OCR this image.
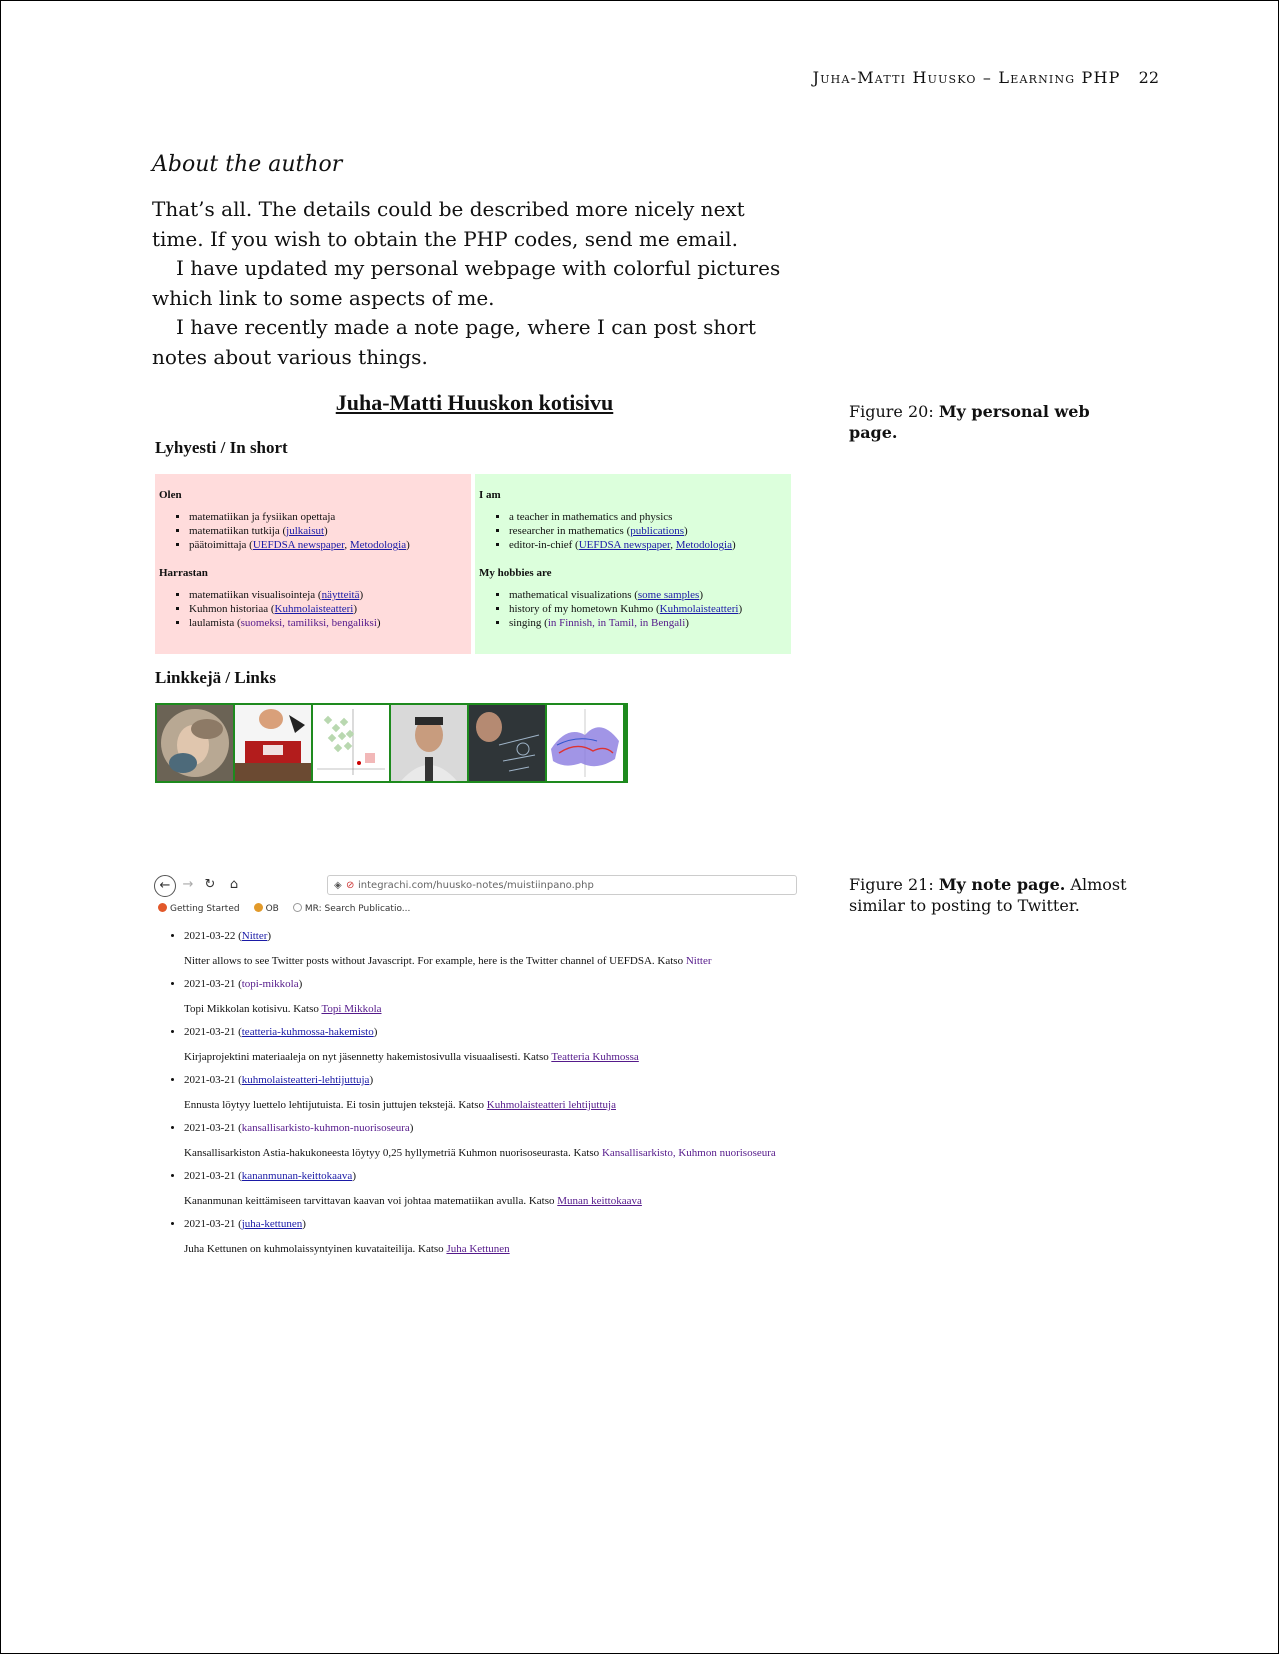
Juha-Matti Huusko – Learning PHP 22
About the author

That’s all. The details could be described more nicely next time. If you wish to obtain the PHP codes, send me email.

I have updated my personal webpage with colorful pictures which link to some aspects of me.

I have recently made a note page, where I can post short notes about various things.

Juha-Matti Huuskon kotisivu
Lyhyesti / In short
Olen
▪ matematiikan ja fysiikan opettaja
▪ matematiikan tutkija (julkaisut)
▪ päätoimittaja (UEFDSA newspaper, Metodologia)
Harrastan
▪ matematiikan visualisointeja (näytteitä)
▪ Kuhmon historiaa (Kuhmolaisteatteri)
▪ laulamista (suomeksi, tamiliksi, bengaliksi)
I am
▪ a teacher in mathematics and physics
▪ researcher in mathematics (publications)
▪ editor-in-chief (UEFDSA newspaper, Metodologia)
My hobbies are
▪ mathematical visualizations (some samples)
▪ history of my hometown Kuhmo (Kuhmolaisteatteri)
▪ singing (in Finnish, in Tamil, in Bengali)
Linkkejä / Links
Figure 20: My personal web page.
← → ↻	⌂	◈ ⊘ integrachi.com/huusko-notes/muistiinpano.php
Getting Started	OB	MR: Search Publicatio...
• 2021-03-22 (Nitter)
Nitter allows to see Twitter posts without Javascript. For example, here is the Twitter channel of UEFDSA. Katso Nitter
• 2021-03-21 (topi-mikkola)
Topi Mikkolan kotisivu. Katso Topi Mikkola
• 2021-03-21 (teatteria-kuhmossa-hakemisto)
Kirjaprojektini materiaaleja on nyt jäsennetty hakemistosivulla visuaalisesti. Katso Teatteria Kuhmossa
• 2021-03-21 (kuhmolaisteatteri-lehtijuttuja)
Ennusta löytyy luettelo lehtijutuista. Ei tosin juttujen tekstejä. Katso Kuhmolaisteatteri lehtijuttuja
• 2021-03-21 (kansallisarkisto-kuhmon-nuorisoseura)
Kansallisarkiston Astia-hakukoneesta löytyy 0,25 hyllymetriä Kuhmon nuorisoseurasta. Katso Kansallisarkisto, Kuhmon nuorisoseura
• 2021-03-21 (kananmunan-keittokaava)
Kananmunan keittämiseen tarvittavan kaavan voi johtaa matematiikan avulla. Katso Munan keittokaava
• 2021-03-21 (juha-kettunen)
Juha Kettunen on kuhmolaissyntyinen kuvataiteilija. Katso Juha Kettunen
Figure 21: My note page. Almost similar to posting to Twitter.
